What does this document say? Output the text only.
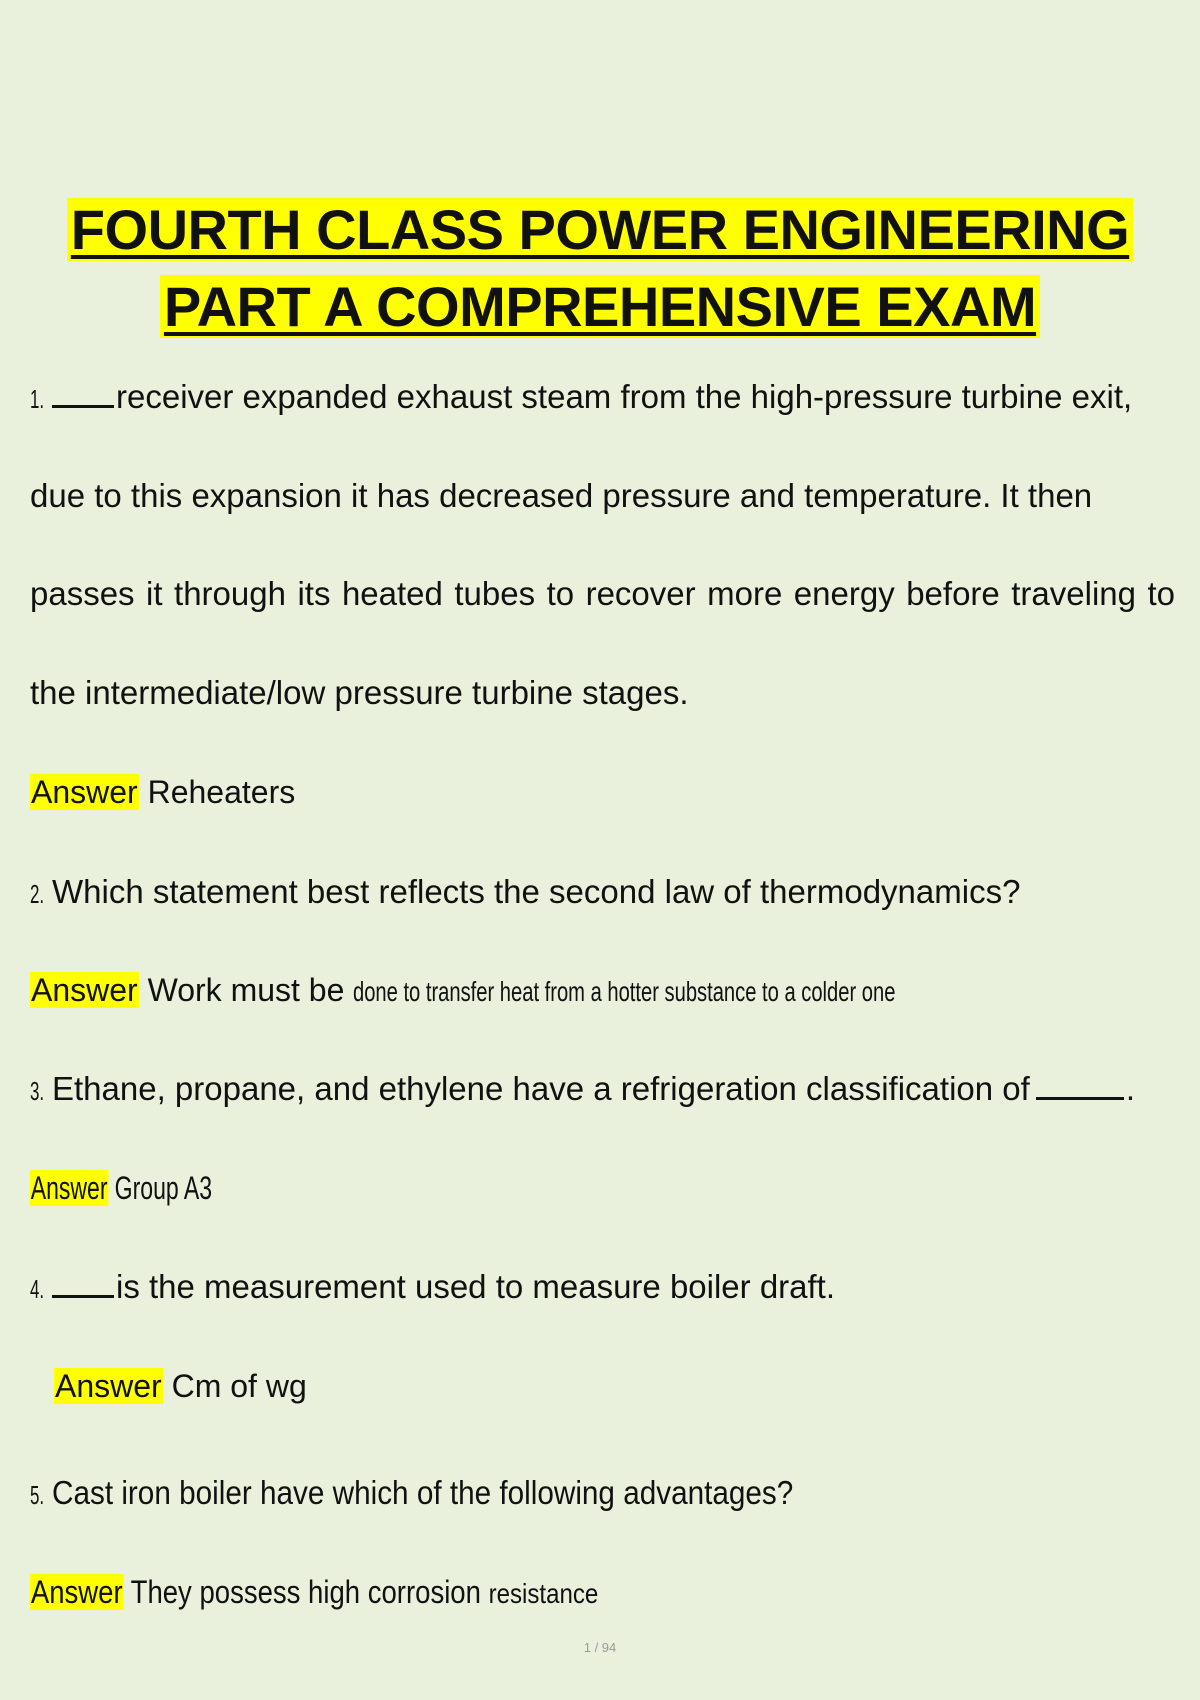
FOURTH CLASS POWER ENGINEERING
PART A COMPREHENSIVE EXAM
1. receiver expanded exhaust steam from the high-pressure turbine exit,
due to this expansion it has decreased pressure and temperature. It then
passes it through its heated tubes to recover more energy before traveling to
the intermediate/low pressure turbine stages.
Answer Reheaters
2. Which statement best reflects the second law of thermodynamics?
Answer Work must be done to transfer heat from a hotter substance to a colder one
3. Ethane, propane, and ethylene have a refrigeration classification of	.
Answer Group A3
4. is the measurement used to measure boiler draft.
Answer Cm of wg
5. Cast iron boiler have which of the following advantages?
Answer They possess high corrosion resistance
1 / 94
